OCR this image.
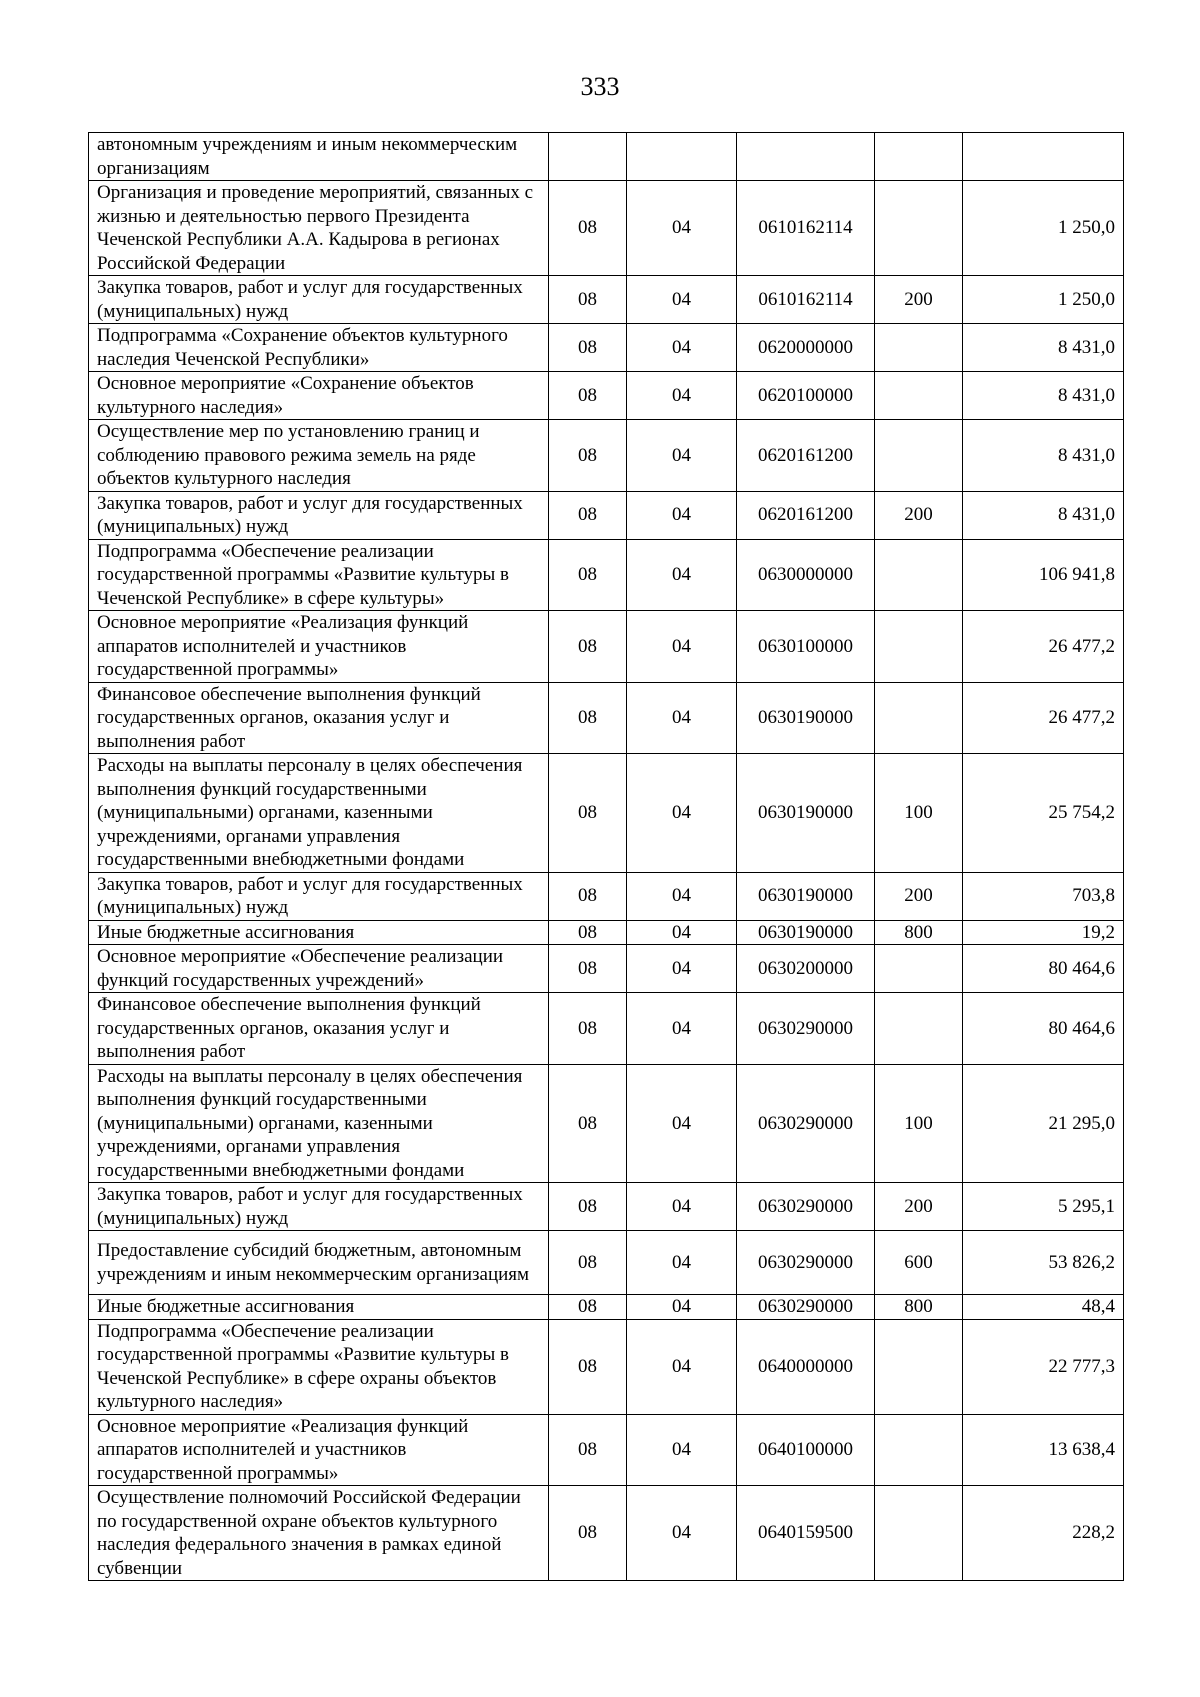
333
автономным учреждениям и иным некоммерческим организациям					
Организация и проведение мероприятий, связанных с жизнью и деятельностью первого Президента Чеченской Республики А.А. Кадырова в регионах Российской Федерации	08	04	0610162114		1 250,0
Закупка товаров, работ и услуг для государственных (муниципальных) нужд	08	04	0610162114	200	1 250,0
Подпрограмма «Сохранение объектов культурного наследия Чеченской Республики»	08	04	0620000000		8 431,0
Основное мероприятие «Сохранение объектов культурного наследия»	08	04	0620100000		8 431,0
Осуществление мер по установлению границ и соблюдению правового режима земель на ряде объектов культурного наследия	08	04	0620161200		8 431,0
Закупка товаров, работ и услуг для государственных (муниципальных) нужд	08	04	0620161200	200	8 431,0
Подпрограмма «Обеспечение реализации государственной программы «Развитие культуры в Чеченской Республике» в сфере культуры»	08	04	0630000000		106 941,8
Основное мероприятие «Реализация функций аппаратов исполнителей и участников государственной программы»	08	04	0630100000		26 477,2
Финансовое обеспечение выполнения функций государственных органов, оказания услуг и выполнения работ	08	04	0630190000		26 477,2
Расходы на выплаты персоналу в целях обеспечения выполнения функций государственными (муниципальными) органами, казенными учреждениями, органами управления государственными внебюджетными фондами	08	04	0630190000	100	25 754,2
Закупка товаров, работ и услуг для государственных (муниципальных) нужд	08	04	0630190000	200	703,8
Иные бюджетные ассигнования	08	04	0630190000	800	19,2
Основное мероприятие «Обеспечение реализации функций государственных учреждений»	08	04	0630200000		80 464,6
Финансовое обеспечение выполнения функций государственных органов, оказания услуг и выполнения работ	08	04	0630290000		80 464,6
Расходы на выплаты персоналу в целях обеспечения выполнения функций государственными (муниципальными) органами, казенными учреждениями, органами управления государственными внебюджетными фондами	08	04	0630290000	100	21 295,0
Закупка товаров, работ и услуг для государственных (муниципальных) нужд	08	04	0630290000	200	5 295,1
Предоставление субсидий бюджетным, автономным учреждениям и иным некоммерческим организациям	08	04	0630290000	600	53 826,2
Иные бюджетные ассигнования	08	04	0630290000	800	48,4
Подпрограмма «Обеспечение реализации государственной программы «Развитие культуры в Чеченской Республике» в сфере охраны объектов культурного наследия»	08	04	0640000000		22 777,3
Основное мероприятие «Реализация функций аппаратов исполнителей и участников государственной программы»	08	04	0640100000		13 638,4
Осуществление полномочий Российской Федерации по государственной охране объектов культурного наследия федерального значения в рамках единой субвенции	08	04	0640159500		228,2
